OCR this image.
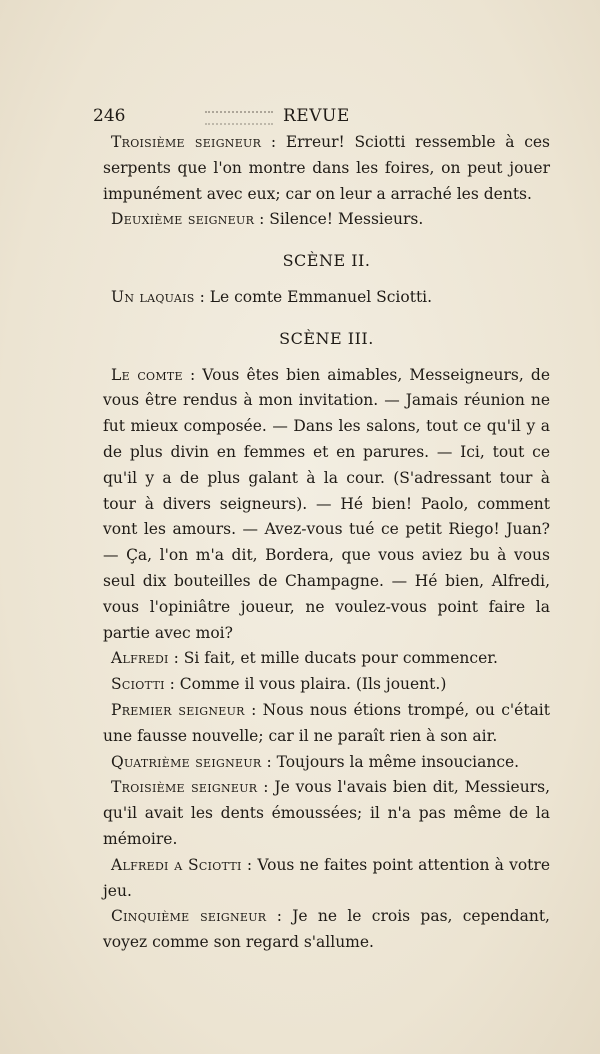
246	REVUE

Troisième seigneur : Erreur! Sciotti ressemble à ces serpents que l'on montre dans les foires, on peut jouer impunément avec eux; car on leur a arraché les dents.

Deuxième seigneur : Silence! Messieurs.

SCÈNE II.

Un laquais : Le comte Emmanuel Sciotti.

SCÈNE III.

Le comte : Vous êtes bien aimables, Messeigneurs, de vous être rendus à mon invitation. — Jamais réunion ne fut mieux composée. — Dans les salons, tout ce qu'il y a de plus divin en femmes et en parures. — Ici, tout ce qu'il y a de plus galant à la cour. (S'adressant tour à tour à divers seigneurs). — Hé bien! Paolo, comment vont les amours. — Avez-vous tué ce petit Riego! Juan? — Ça, l'on m'a dit, Bordera, que vous aviez bu à vous seul dix bouteilles de Champagne. — Hé bien, Alfredi, vous l'opiniâtre joueur, ne voulez-vous point faire la partie avec moi?

Alfredi : Si fait, et mille ducats pour commencer.

Sciotti : Comme il vous plaira. (Ils jouent.)

Premier seigneur : Nous nous étions trompé, ou c'était une fausse nouvelle; car il ne paraît rien à son air.

Quatrième seigneur : Toujours la même insouciance.

Troisième seigneur : Je vous l'avais bien dit, Messieurs, qu'il avait les dents émoussées; il n'a pas même de la mémoire.

Alfredi a Sciotti : Vous ne faites point attention à votre jeu.

Cinquième seigneur : Je ne le crois pas, cependant, voyez comme son regard s'allume.
